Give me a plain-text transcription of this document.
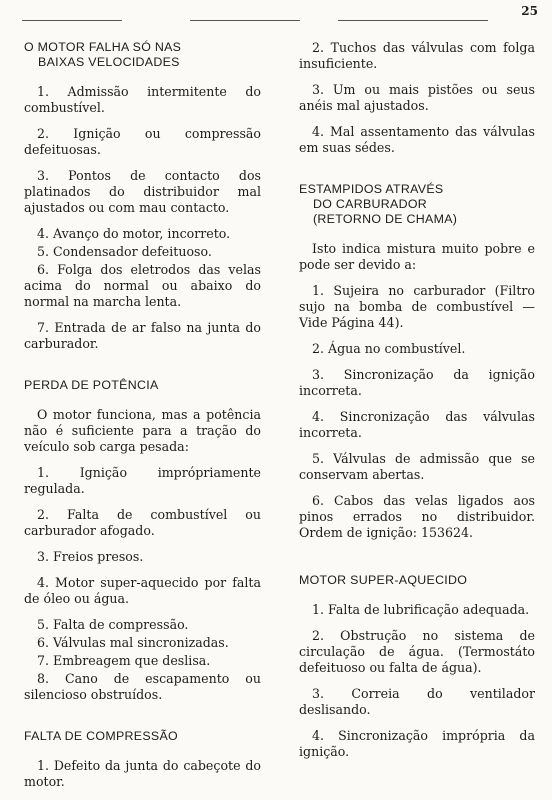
25
O MOTOR FALHA SÓ NAS
BAIXAS VELOCIDADES

1. Admissão intermitente do combustível.

2. Ignição ou compressão defeituosas.

3. Pontos de contacto dos platinados do distribuidor mal ajustados ou com mau contacto.

4. Avanço do motor, incorreto.

5. Condensador defeituoso.

6. Folga dos eletrodos das velas acima do normal ou abaixo do normal na marcha lenta.

7. Entrada de ar falso na junta do carburador.

PERDA DE POTÊNCIA

O motor funciona, mas a potência não é suficiente para a tração do veículo sob carga pesada:

1. Ignição imprópriamente regulada.

2. Falta de combustível ou carburador afogado.

3. Freios presos.

4. Motor super-aquecido por falta de óleo ou água.

5. Falta de compressão.

6. Válvulas mal sincronizadas.

7. Embreagem que deslisa.

8. Cano de escapamento ou silencioso obstruídos.

FALTA DE COMPRESSÃO

1. Defeito da junta do cabeçote do motor.

2. Tuchos das válvulas com folga insuficiente.

3. Um ou mais pistões ou seus anéis mal ajustados.

4. Mal assentamento das válvulas em suas sédes.

ESTAMPIDOS ATRAVÉS
DO CARBURADOR
(RETORNO DE CHAMA)

Isto indica mistura muito pobre e pode ser devido a:

1. Sujeira no carburador (Filtro sujo na bomba de combustível — Vide Página 44).

2. Água no combustível.

3. Sincronização da ignição incorreta.

4. Sincronização das válvulas incorreta.

5. Válvulas de admissão que se conservam abertas.

6. Cabos das velas ligados aos pinos errados no distribuidor. Ordem de ignição: 153624.

MOTOR SUPER-AQUECIDO

1. Falta de lubrificação adequada.

2. Obstrução no sistema de circulação de água. (Termostáto defeituoso ou falta de água).

3. Correia do ventilador deslisando.

4. Sincronização imprópria da ignição.
